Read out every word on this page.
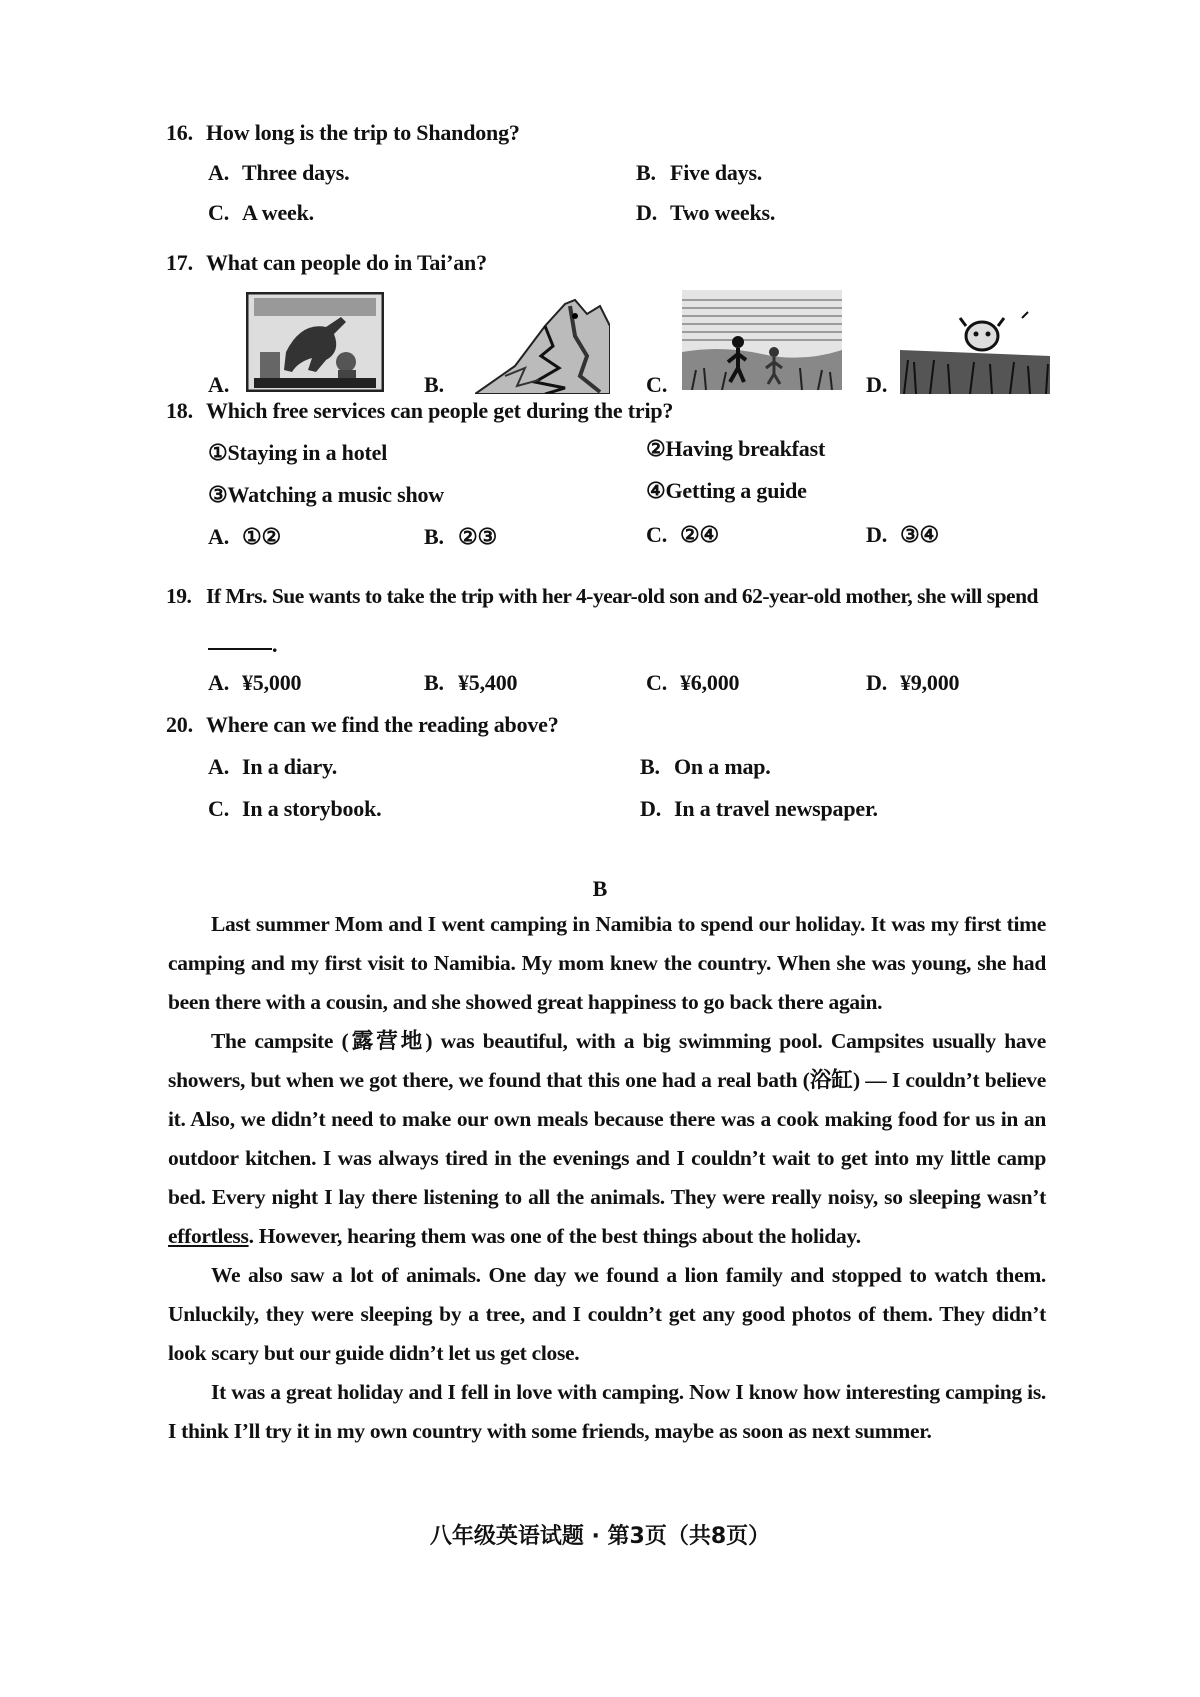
16. How long is the trip to Shandong?
A. Three days.	B. Five days.
C. A week.	D. Two weeks.
17. What can people do in Tai’an?
A.	B.	C.	D.
18. Which free services can people get during the trip?
①Staying in a hotel	②Having breakfast
③Watching a music show	④Getting a guide
A. ①②	B. ②③	C. ②④	D. ③④
19. If Mrs. Sue wants to take the trip with her 4-year-old son and 62-year-old mother, she will spend
.
A. ¥5,000	B. ¥5,400	C. ¥6,000	D. ¥9,000
20. Where can we find the reading above?
A. In a diary.	B. On a map.
C. In a storybook.	D. In a travel newspaper.
B

Last summer Mom and I went camping in Namibia to spend our holiday. It was my first time camping and my first visit to Namibia. My mom knew the country. When she was young, she had been there with a cousin, and she showed great happiness to go back there again.

The campsite (露营地) was beautiful, with a big swimming pool. Campsites usually have showers, but when we got there, we found that this one had a real bath (浴缸) — I couldn’t believe it. Also, we didn’t need to make our own meals because there was a cook making food for us in an outdoor kitchen. I was always tired in the evenings and I couldn’t wait to get into my little camp bed. Every night I lay there listening to all the animals. They were really noisy, so sleeping wasn’t effortless. However, hearing them was one of the best things about the holiday.

We also saw a lot of animals. One day we found a lion family and stopped to watch them. Unluckily, they were sleeping by a tree, and I couldn’t get any good photos of them. They didn’t look scary but our guide didn’t let us get close.

It was a great holiday and I fell in love with camping. Now I know how interesting camping is. I think I’ll try it in my own country with some friends, maybe as soon as next summer.

八年级英语试题 · 第3页（共8页）
